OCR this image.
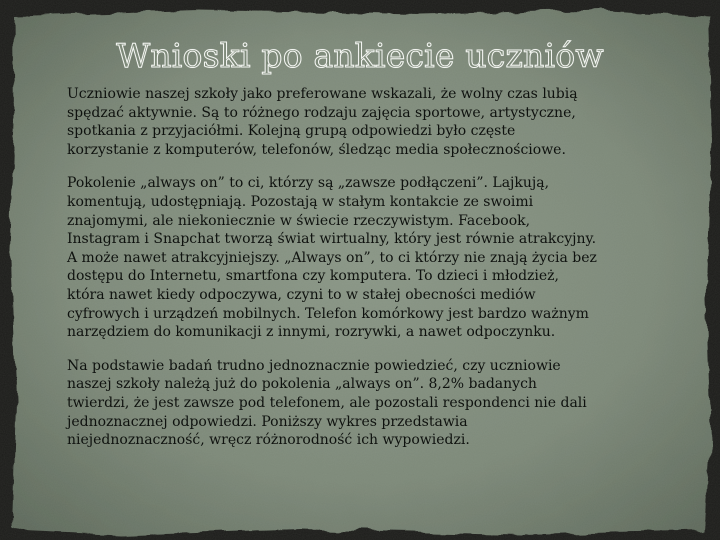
Wnioski po ankiecie uczniów

Uczniowie naszej szkoły jako preferowane wskazali, że wolny czas lubią
spędzać aktywnie. Są to różnego rodzaju zajęcia sportowe, artystyczne,
spotkania z przyjaciółmi. Kolejną grupą odpowiedzi było częste
korzystanie z komputerów, telefonów, śledząc media społecznościowe.

Pokolenie „always on” to ci, którzy są „zawsze podłączeni”. Lajkują,
komentują, udostępniają. Pozostają w stałym kontakcie ze swoimi
znajomymi, ale niekoniecznie w świecie rzeczywistym. Facebook,
Instagram i Snapchat tworzą świat wirtualny, który jest równie atrakcyjny.
A może nawet atrakcyjniejszy. „Always on”, to ci którzy nie znają życia bez
dostępu do Internetu, smartfona czy komputera. To dzieci i młodzież,
która nawet kiedy odpoczywa, czyni to w stałej obecności mediów
cyfrowych i urządzeń mobilnych. Telefon komórkowy jest bardzo ważnym
narzędziem do komunikacji z innymi, rozrywki, a nawet odpoczynku.

Na podstawie badań trudno jednoznacznie powiedzieć, czy uczniowie
naszej szkoły należą już do pokolenia „always on”. 8,2% badanych
twierdzi, że jest zawsze pod telefonem, ale pozostali respondenci nie dali
jednoznacznej odpowiedzi. Poniższy wykres przedstawia
niejednoznaczność, wręcz różnorodność ich wypowiedzi.
